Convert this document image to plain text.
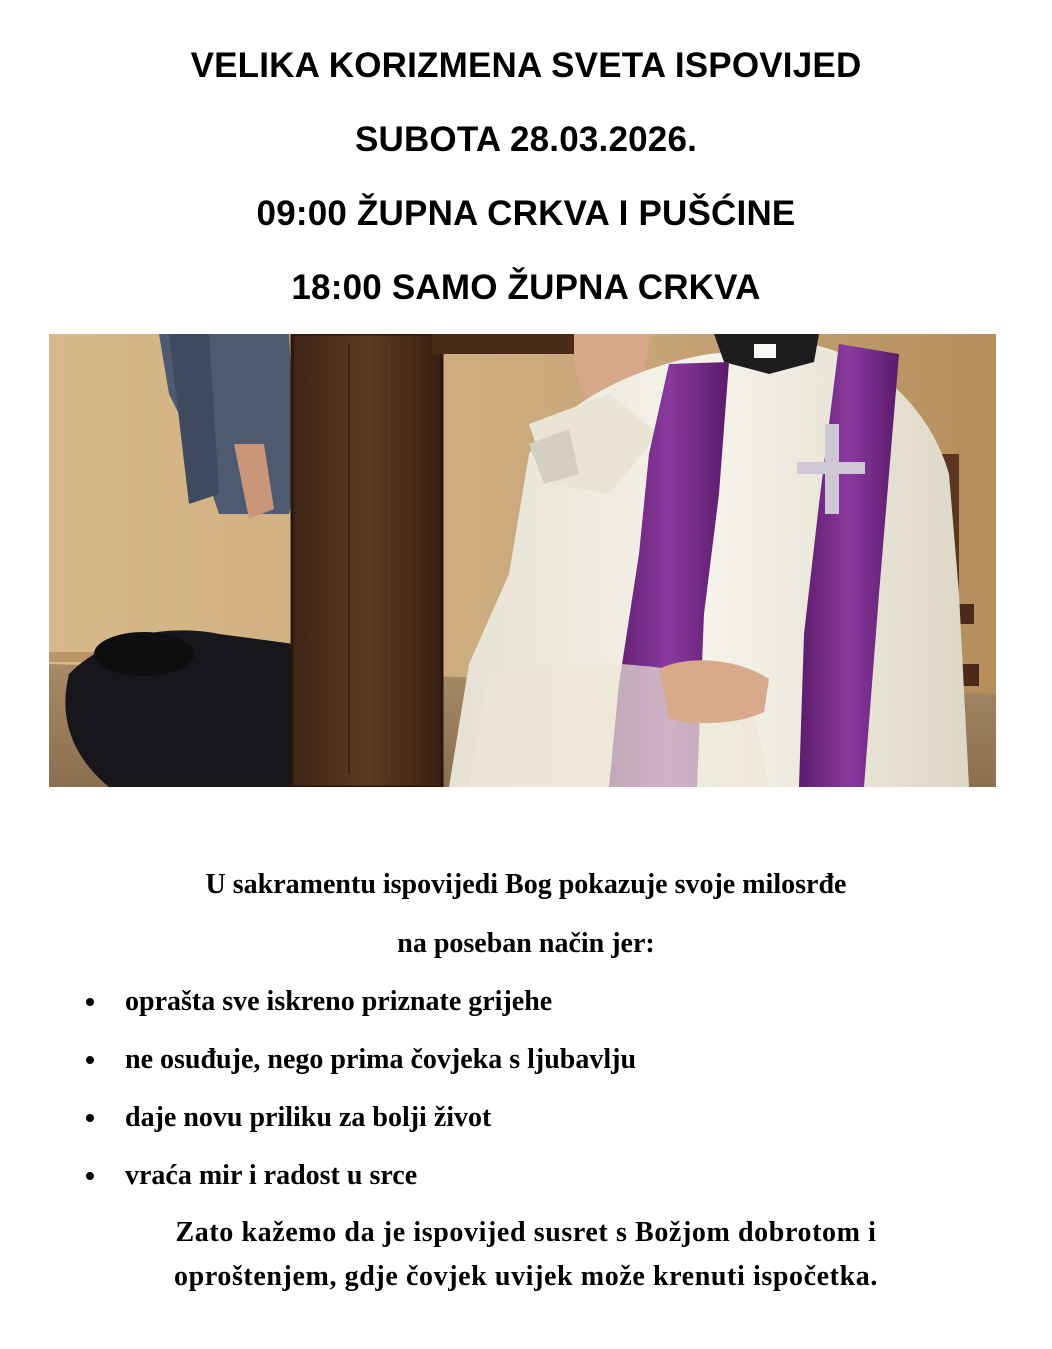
VELIKA KORIZMENA SVETA ISPOVIJED
SUBOTA 28.03.2026.
09:00 ŽUPNA CRKVA I PUŠĆINE
18:00 SAMO ŽUPNA CRKVA
U sakramentu ispovijedi Bog pokazuje svoje milosrđe
na poseban način jer:
oprašta sve iskreno priznate grijehe
ne osuđuje, nego prima čovjeka s ljubavlju
daje novu priliku za bolji život
vraća mir i radost u srce
Zato kažemo da je ispovijed susret s Božjom dobrotom i
oproštenjem, gdje čovjek uvijek može krenuti ispočetka.
